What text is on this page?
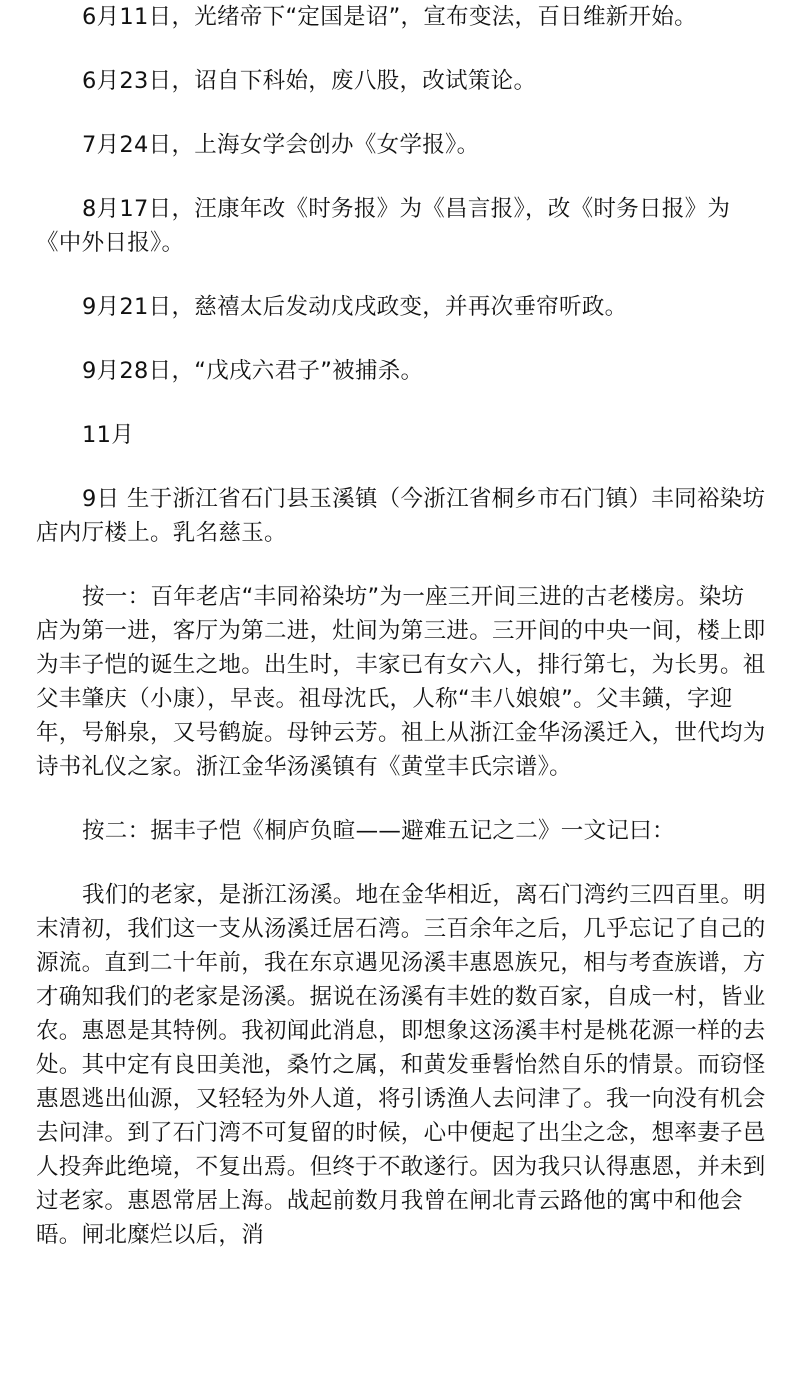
6月11日，光绪帝下“定国是诏”，宣布变法，百日维新开始。

6月23日，诏自下科始，废八股，改试策论。

7月24日，上海女学会创办《女学报》。

8月17日，汪康年改《时务报》为《昌言报》，改《时务日报》为《中外日报》。

9月21日，慈禧太后发动戊戌政变，并再次垂帘听政。

9月28日，“戊戌六君子”被捕杀。

11月

9日 生于浙江省石门县玉溪镇（今浙江省桐乡市石门镇）丰同裕染坊店内厅楼上。乳名慈玉。

按一：百年老店“丰同裕染坊”为一座三开间三进的古老楼房。染坊店为第一进，客厅为第二进，灶间为第三进。三开间的中央一间，楼上即为丰子恺的诞生之地。出生时，丰家已有女六人，排行第七，为长男。祖父丰肇庆（小康），早丧。祖母沈氏，人称“丰八娘娘”。父丰鐄，字迎年，号斛泉，又号鹤旋。母钟云芳。祖上从浙江金华汤溪迁入，世代均为诗书礼仪之家。浙江金华汤溪镇有《黄堂丰氏宗谱》。

按二：据丰子恺《桐庐负暄——避难五记之二》一文记曰：

我们的老家，是浙江汤溪。地在金华相近，离石门湾约三四百里。明末清初，我们这一支从汤溪迁居石湾。三百余年之后，几乎忘记了自己的源流。直到二十年前，我在东京遇见汤溪丰惠恩族兄，相与考查族谱，方才确知我们的老家是汤溪。据说在汤溪有丰姓的数百家，自成一村，皆业农。惠恩是其特例。我初闻此消息，即想象这汤溪丰村是桃花源一样的去处。其中定有良田美池，桑竹之属，和黄发垂髫怡然自乐的情景。而窃怪惠恩逃出仙源，又轻轻为外人道，将引诱渔人去问津了。我一向没有机会去问津。到了石门湾不可复留的时候，心中便起了出尘之念，想率妻子邑人投奔此绝境，不复出焉。但终于不敢遂行。因为我只认得惠恩，并未到过老家。惠恩常居上海。战起前数月我曾在闸北青云路他的寓中和他会晤。闸北糜烂以后，消
